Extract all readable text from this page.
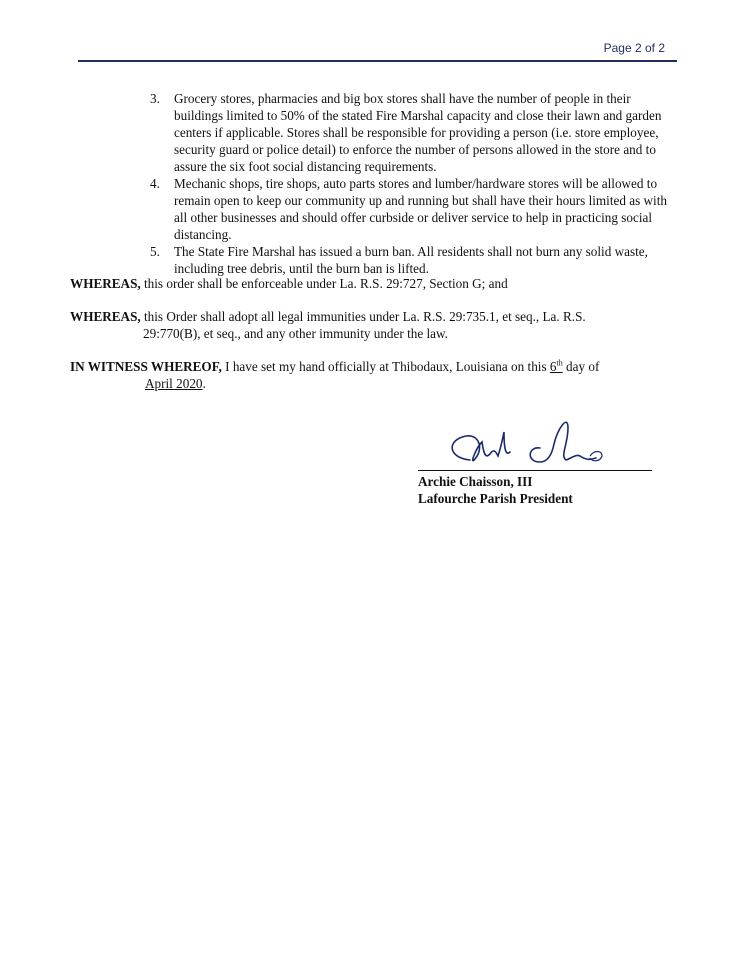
Page 2 of 2
3. Grocery stores, pharmacies and big box stores shall have the number of people in their buildings limited to 50% of the stated Fire Marshal capacity and close their lawn and garden centers if applicable. Stores shall be responsible for providing a person (i.e. store employee, security guard or police detail) to enforce the number of persons allowed in the store and to assure the six foot social distancing requirements.
4. Mechanic shops, tire shops, auto parts stores and lumber/hardware stores will be allowed to remain open to keep our community up and running but shall have their hours limited as with all other businesses and should offer curbside or deliver service to help in practicing social distancing.
5. The State Fire Marshal has issued a burn ban. All residents shall not burn any solid waste, including tree debris, until the burn ban is lifted.

WHEREAS, this order shall be enforceable under La. R.S. 29:727, Section G; and

WHEREAS, this Order shall adopt all legal immunities under La. R.S. 29:735.1, et seq., La. R.S.
29:770(B), et seq., and any other immunity under the law.

IN WITNESS WHEREOF, I have set my hand officially at Thibodaux, Louisiana on this 6th day of
April 2020.

Archie Chaisson, III
Lafourche Parish President
